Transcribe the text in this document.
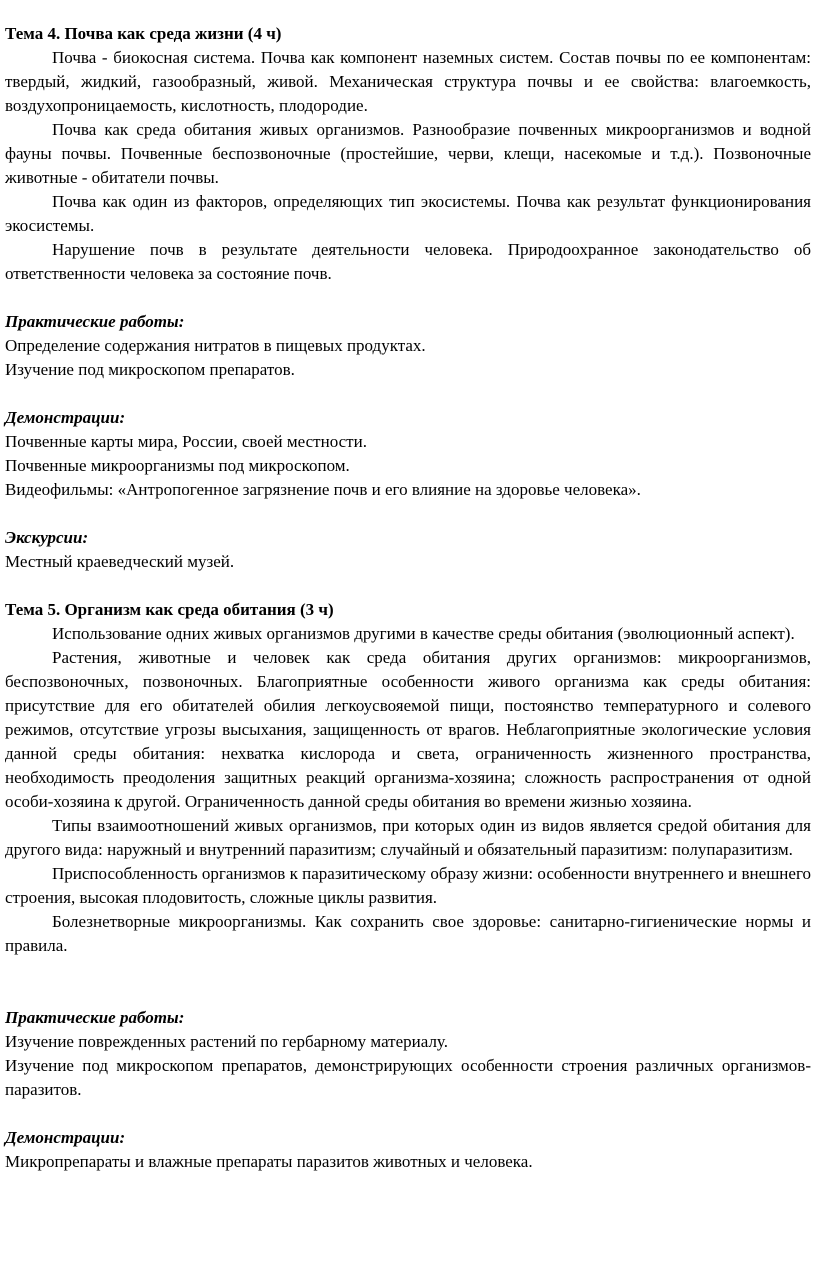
Тема 4. Почва как среда жизни (4 ч)

Почва - биокосная система. Почва как компонент наземных систем. Состав почвы по ее компонентам: твердый, жидкий, газообразный, живой. Механическая структура почвы и ее свойства: влагоемкость, воздухопроницаемость, кислотность, плодородие.

Почва как среда обитания живых организмов. Разнообразие почвенных микроорганизмов и водной фауны почвы. Почвенные беспозвоночные (простейшие, черви, клещи, насекомые и т.д.). Позвоночные животные - обитатели почвы.

Почва как один из факторов, определяющих тип экосистемы. Почва как результат функционирования экосистемы.

Нарушение почв в результате деятельности человека. Природоохранное законодательство об ответственности человека за состояние почв.

Практические работы:

Определение содержания нитратов в пищевых продуктах.

Изучение под микроскопом препаратов.

Демонстрации:

Почвенные карты мира, России, своей местности.

Почвенные микроорганизмы под микроскопом.

Видеофильмы: «Антропогенное загрязнение почв и его влияние на здоровье человека».

Экскурсии:

Местный краеведческий музей.

Тема 5. Организм как среда обитания (3 ч)

Использование одних живых организмов другими в качестве среды обитания (эволюционный аспект).

Растения, животные и человек как среда обитания других организмов: микроорганизмов, беспозвоночных, позвоночных. Благоприятные особенности живого организма как среды обитания: присутствие для его обитателей обилия легкоусвояемой пищи, постоянство температурного и солевого режимов, отсутствие угрозы высыхания, защищенность от врагов. Неблагоприятные экологические условия данной среды обитания: нехватка кислорода и света, ограниченность жизненного пространства, необходимость преодоления защитных реакций организма-хозяина; сложность распространения от одной особи-хозяина к другой. Ограниченность данной среды обитания во времени жизнью хозяина.

Типы взаимоотношений живых организмов, при которых один из видов является средой обитания для другого вида: наружный и внутренний паразитизм; случайный и обязательный паразитизм: полупаразитизм.

Приспособленность организмов к паразитическому образу жизни: особенности внутреннего и внешнего строения, высокая плодовитость, сложные циклы развития.

Болезнетворные микроорганизмы. Как сохранить свое здоровье: санитарно-гигиенические нормы и правила.

Практические работы:

Изучение поврежденных растений по гербарному материалу.

Изучение под микроскопом препаратов, демонстрирующих особенности строения различных организмов-паразитов.

Демонстрации:

Микропрепараты и влажные препараты паразитов животных и человека.
